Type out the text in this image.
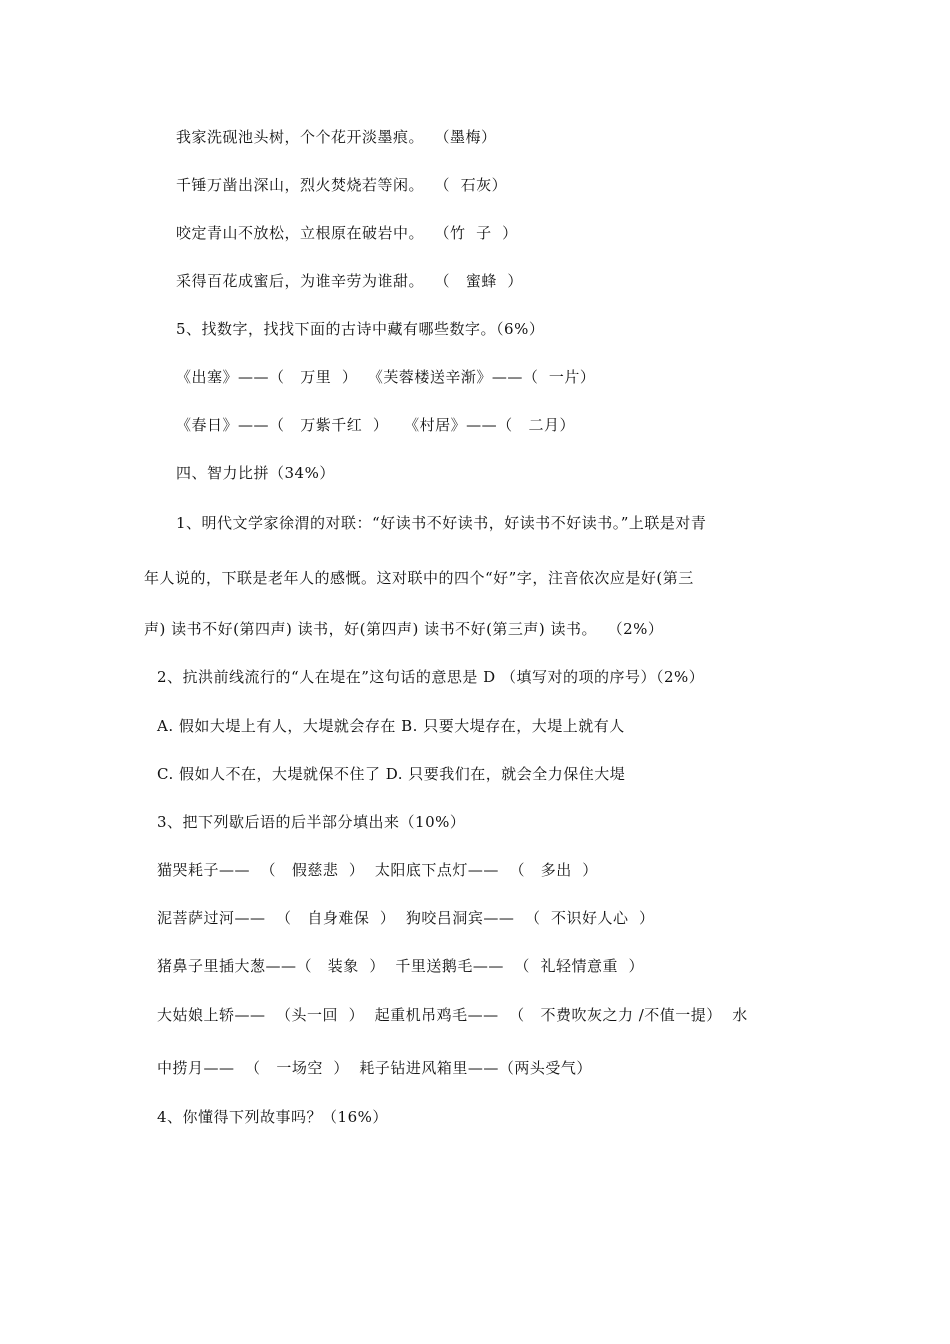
我家洗砚池头树，个个花开淡墨痕。  （墨梅）
千锤万凿出深山，烈火焚烧若等闲。  （  石灰）
咬定青山不放松，立根原在破岩中。  （竹  子  ）
采得百花成蜜后，为谁辛劳为谁甜。  （   蜜蜂  ）
5、找数字，找找下面的古诗中藏有哪些数字。（6%）
《出塞》——（   万里  ）  《芙蓉楼送辛渐》——（  一片）
《春日》——（   万紫千红  ）   《村居》——（   二月）
四、智力比拼（34%）
1、明代文学家徐渭的对联：“好读书不好读书，好读书不好读书。”上联是对青
年人说的，下联是老年人的感慨。这对联中的四个“好”字，注音依次应是好(第三
声) 读书不好(第四声) 读书，好(第四声) 读书不好(第三声) 读书。  （2%）
2、抗洪前线流行的“人在堤在”这句话的意思是 D （填写对的项的序号）（2%）
A. 假如大堤上有人，大堤就会存在 B. 只要大堤存在，大堤上就有人
C. 假如人不在，大堤就保不住了 D. 只要我们在，就会全力保住大堤
3、把下列歇后语的后半部分填出来（10%）
猫哭耗子——  （   假慈悲  ）  太阳底下点灯——  （   多出  ）
泥菩萨过河——  （   自身难保  ）  狗咬吕洞宾——  （  不识好人心  ）
猪鼻子里插大葱——（   装象  ）  千里送鹅毛——  （  礼轻情意重  ）
大姑娘上轿——  （头一回  ）  起重机吊鸡毛——  （   不费吹灰之力 /不值一提）  水
中捞月——  （   一场空  ）  耗子钻进风箱里——（两头受气）
4、你懂得下列故事吗？（16%）
